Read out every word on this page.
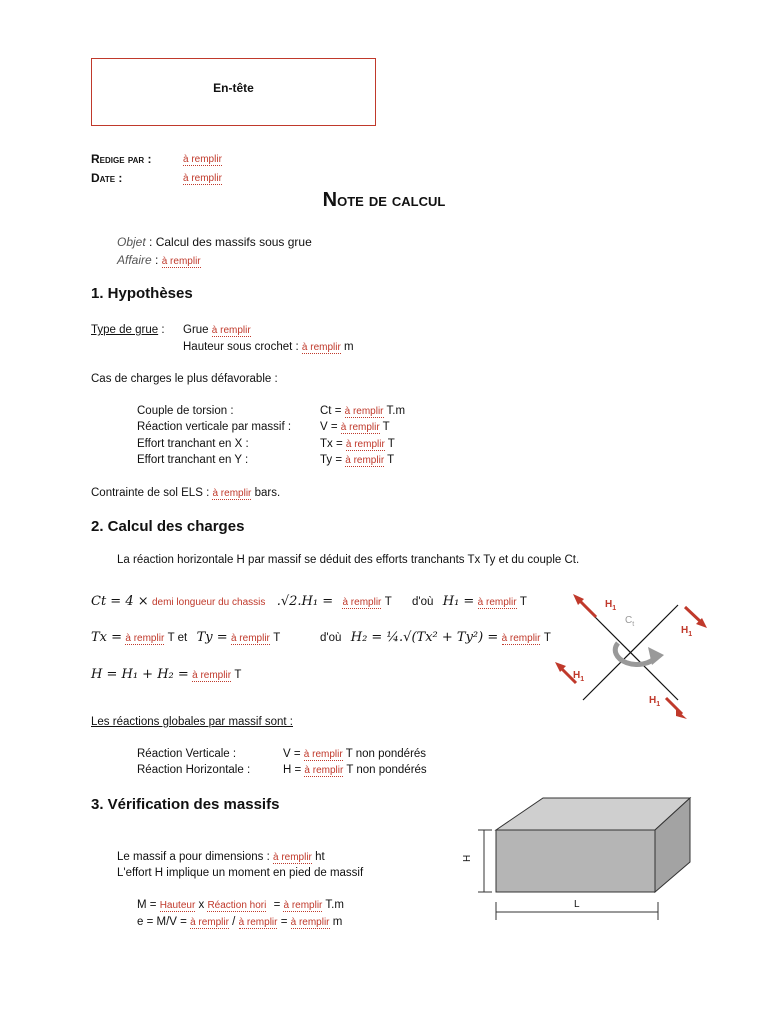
En-tête
Redige par :	à remplir
Date :	à remplir
Note de calcul
Objet : Calcul des massifs sous grue
Affaire : à remplir
1. Hypothèses
Type de grue : Grue à remplir
Hauteur sous crochet : à remplir m
Cas de charges le plus défavorable :
Couple de torsion :	Ct = à remplir T.m
Réaction verticale par massif :	V = à remplir T
Effort tranchant en X :	Tx = à remplir T
Effort tranchant en Y :	Ty = à remplir T
Contrainte de sol ELS : à remplir bars.
2. Calcul des charges
La réaction horizontale H par massif se déduit des efforts tranchants Tx Ty et du couple Ct.
Ct = 4 × demi longueur du chassis .√2.H₁ = à remplir T d'où H₁ = à remplir T
Tx = à remplir T et Ty = à remplir T	d'où H₂ = ¼.√(Tx² + Ty²) = à remplir T
H = H₁ + H₂ = à remplir T
$H_1$
$H_1$
$H_1$
$H_1$
$C_t$
Les réactions globales par massif sont :
Réaction Verticale :	V = à remplir T non pondérés
Réaction Horizontale :	H = à remplir T non pondérés
3. Vérification des massifs
Le massif a pour dimensions : à remplir ht
L'effort H implique un moment en pied de massif
M = Hauteur x Réaction hori = à remplir T.m
e = M/V = à remplir / à remplir = à remplir m
H
L
